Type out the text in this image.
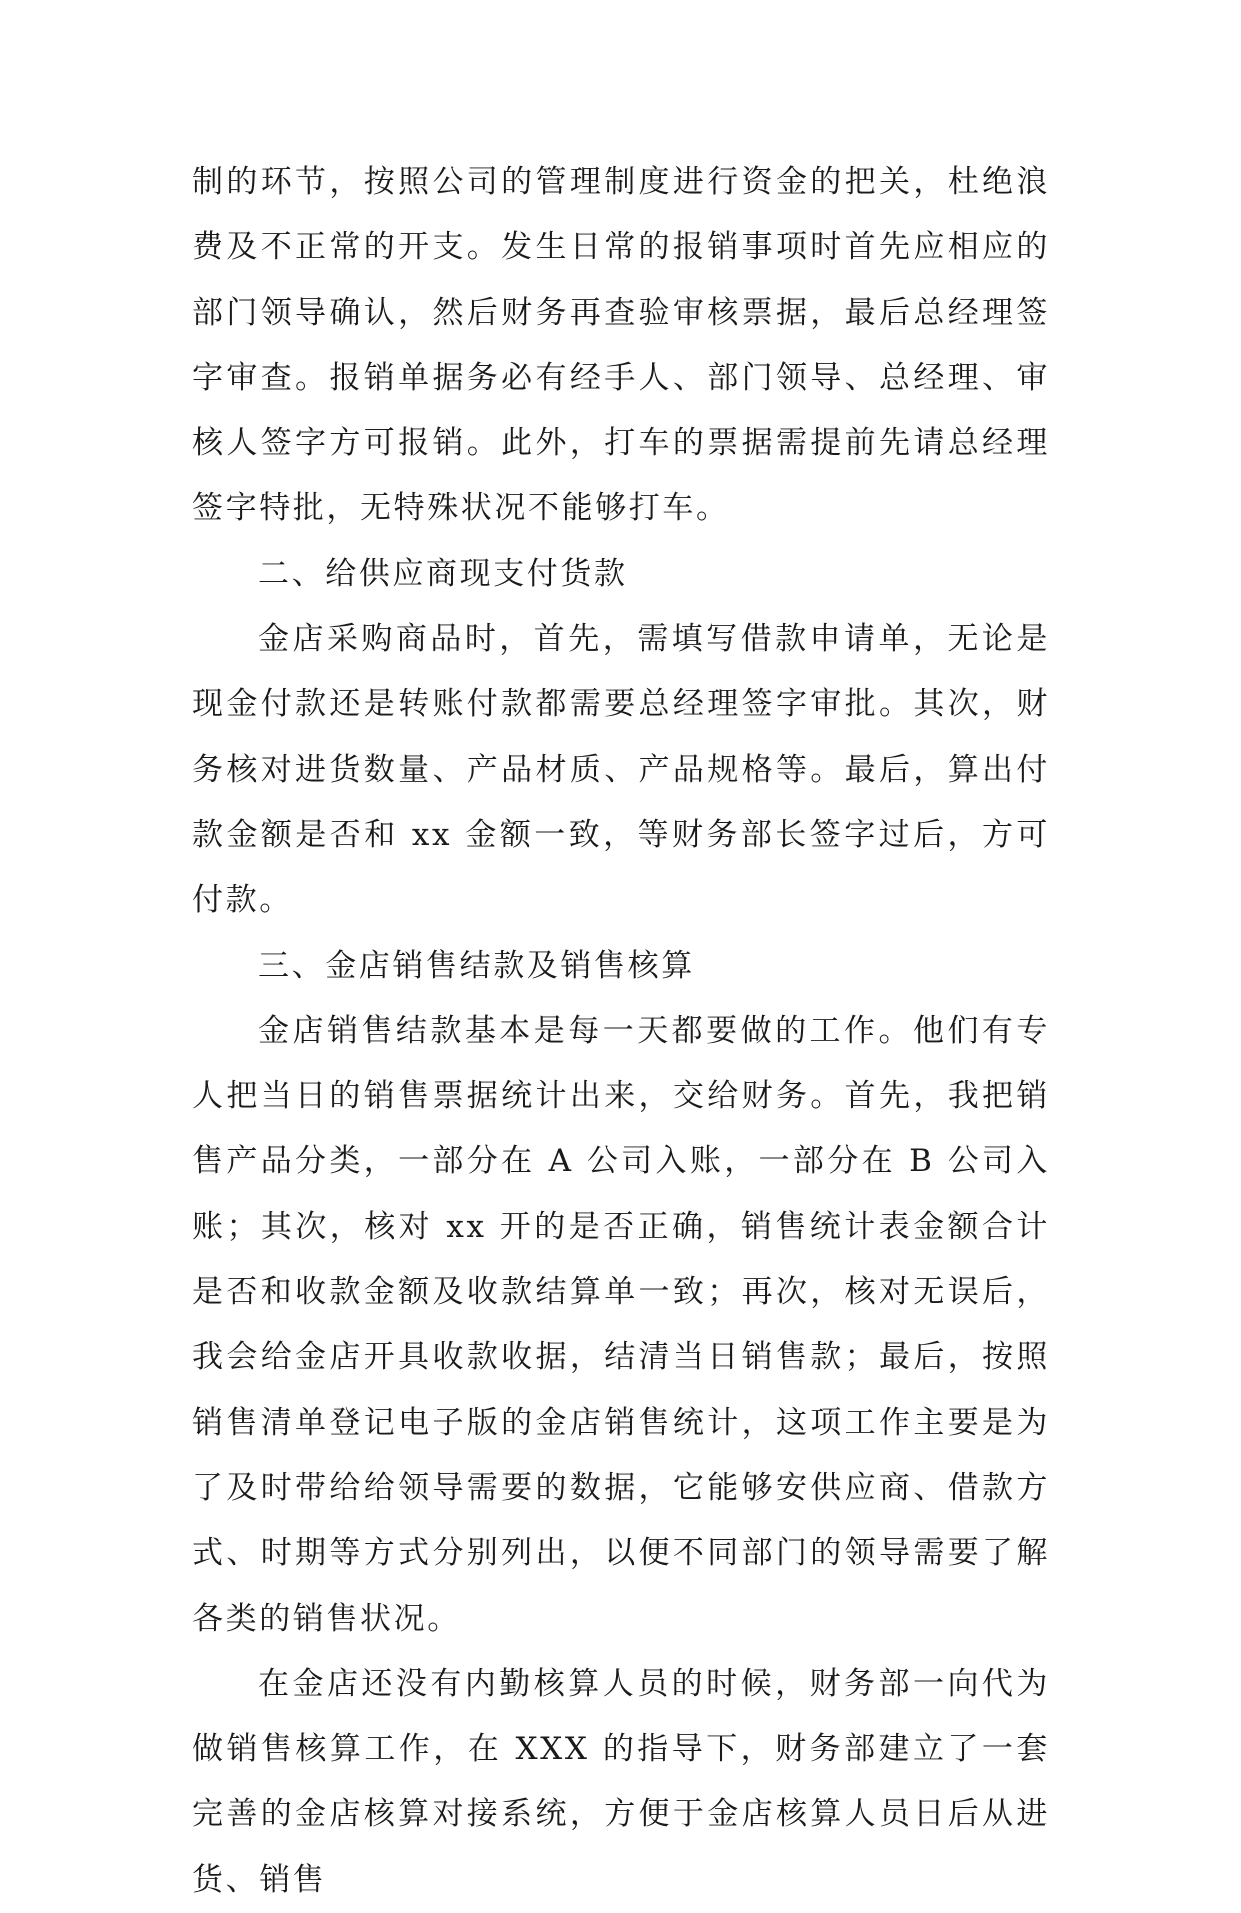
制的环节，按照公司的管理制度进行资金的把关，杜绝浪费及不正常的开支。发生日常的报销事项时首先应相应的部门领导确认，然后财务再查验审核票据，最后总经理签字审查。报销单据务必有经手人、部门领导、总经理、审核人签字方可报销。此外，打车的票据需提前先请总经理签字特批，无特殊状况不能够打车。

二、给供应商现支付货款

金店采购商品时，首先，需填写借款申请单，无论是现金付款还是转账付款都需要总经理签字审批。其次，财务核对进货数量、产品材质、产品规格等。最后，算出付款金额是否和 xx 金额一致，等财务部长签字过后，方可付款。

三、金店销售结款及销售核算

金店销售结款基本是每一天都要做的工作。他们有专人把当日的销售票据统计出来，交给财务。首先，我把销售产品分类，一部分在 A 公司入账，一部分在 B 公司入账；其次，核对 xx 开的是否正确，销售统计表金额合计是否和收款金额及收款结算单一致；再次，核对无误后，我会给金店开具收款收据，结清当日销售款；最后，按照销售清单登记电子版的金店销售统计，这项工作主要是为了及时带给给领导需要的数据，它能够安供应商、借款方式、时期等方式分别列出，以便不同部门的领导需要了解各类的销售状况。

在金店还没有内勤核算人员的时候，财务部一向代为做销售核算工作，在 XXX 的指导下，财务部建立了一套完善的金店核算对接系统，方便于金店核算人员日后从进货、销售
